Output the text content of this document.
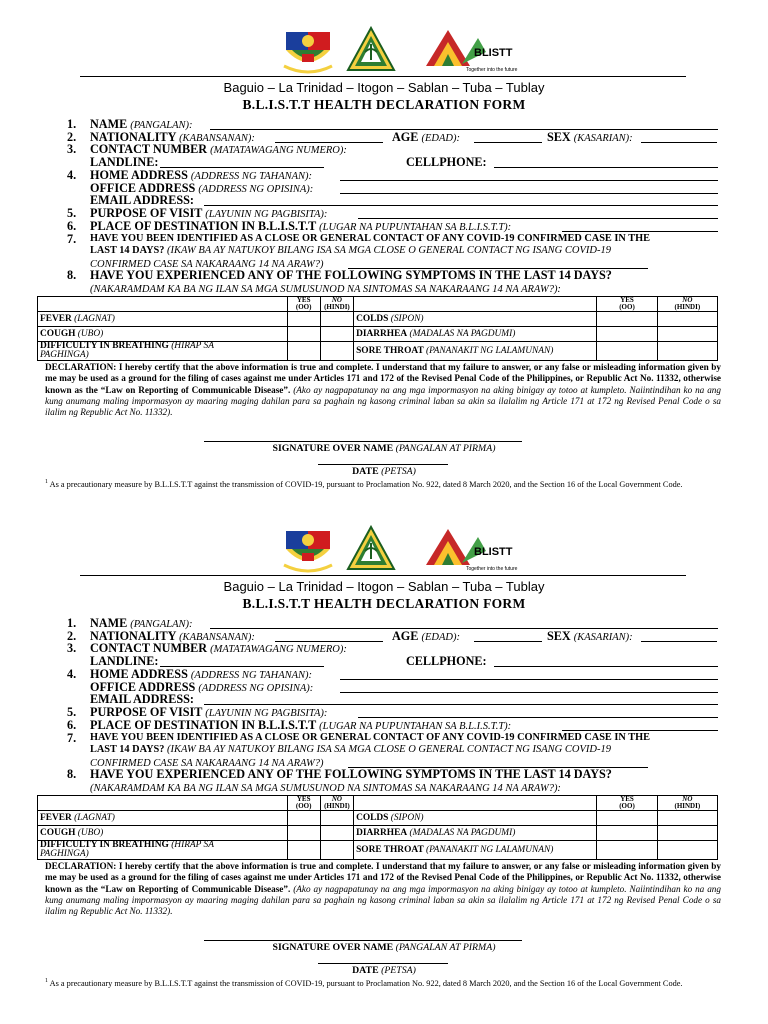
BLISTT
Together into the future
Baguio – La Trinidad – Itogon – Sablan – Tuba – Tublay
B.L.I.S.T.T HEALTH DECLARATION FORM
1. NAME (PANGALAN):
2. NATIONALITY (KABANSANAN):	AGE (EDAD):	SEX (KASARIAN):
3. CONTACT NUMBER (MATATAWAGANG NUMERO):
LANDLINE:	CELLPHONE:
4. HOME ADDRESS (ADDRESS NG TAHANAN):
OFFICE ADDRESS (ADDRESS NG OPISINA):
EMAIL ADDRESS:
5. PURPOSE OF VISIT (LAYUNIN NG PAGBISITA):
6. PLACE OF DESTINATION IN B.L.I.S.T.T (LUGAR NA PUPUNTAHAN SA B.L.I.S.T.T):
7. HAVE YOU BEEN IDENTIFIED AS A CLOSE OR GENERAL CONTACT OF ANY COVID-19 CONFIRMED CASE IN THE
LAST 14 DAYS? (IKAW BA AY NATUKOY BILANG ISA SA MGA CLOSE O GENERAL CONTACT NG ISANG COVID-19
CONFIRMED CASE SA NAKARAANG 14 NA ARAW?)
8. HAVE YOU EXPERIENCED ANY OF THE FOLLOWING SYMPTOMS IN THE LAST 14 DAYS?
(NAKARAMDAM KA BA NG ILAN SA MGA SUMUSUNOD NA SINTOMAS SA NAKARAANG 14 NA ARAW?):
	YES
(OO)	NO
(HINDI)		YES
(OO)	NO
(HINDI)
FEVER (LAGNAT)			COLDS (SIPON)		
COUGH (UBO)			DIARRHEA (MADALAS NA PAGDUMI)		
DIFFICULTY IN BREATHING (HIRAP SA
PAGHINGA)			SORE THROAT (PANANAKIT NG LALAMUNAN)		
DECLARATION: I hereby certify that the above information is true and complete. I understand that my failure to answer, or any false or misleading information given by me may be used as a ground for the filing of cases against me under Articles 171 and 172 of the Revised Penal Code of the Philippines, or Republic Act No. 11332, otherwise known as the “Law on Reporting of Communicable Disease”. (Ako ay nagpapatunay na ang mga impormasyon na aking binigay ay totoo at kumpleto. Naiintindihan ko na ang kung anumang maling impormasyon ay maaring maging dahilan para sa paghain ng kasong criminal laban sa akin sa ilalalim ng Article 171 at 172 ng Revised Penal Code o sa ilalim ng Republic Act No. 11332).
SIGNATURE OVER NAME (PANGALAN AT PIRMA)
DATE (PETSA)
$^1$ As a precautionary measure by B.L.I.S.T.T against the transmission of COVID-19, pursuant to Proclamation No. 922, dated 8 March 2020, and the Section 16 of the Local Government Code.
BLISTT
Together into the future
Baguio – La Trinidad – Itogon – Sablan – Tuba – Tublay
B.L.I.S.T.T HEALTH DECLARATION FORM
1. NAME (PANGALAN):
2. NATIONALITY (KABANSANAN):	AGE (EDAD):	SEX (KASARIAN):
3. CONTACT NUMBER (MATATAWAGANG NUMERO):
LANDLINE:	CELLPHONE:
4. HOME ADDRESS (ADDRESS NG TAHANAN):
OFFICE ADDRESS (ADDRESS NG OPISINA):
EMAIL ADDRESS:
5. PURPOSE OF VISIT (LAYUNIN NG PAGBISITA):
6. PLACE OF DESTINATION IN B.L.I.S.T.T (LUGAR NA PUPUNTAHAN SA B.L.I.S.T.T):
7. HAVE YOU BEEN IDENTIFIED AS A CLOSE OR GENERAL CONTACT OF ANY COVID-19 CONFIRMED CASE IN THE
LAST 14 DAYS? (IKAW BA AY NATUKOY BILANG ISA SA MGA CLOSE O GENERAL CONTACT NG ISANG COVID-19
CONFIRMED CASE SA NAKARAANG 14 NA ARAW?)
8. HAVE YOU EXPERIENCED ANY OF THE FOLLOWING SYMPTOMS IN THE LAST 14 DAYS?
(NAKARAMDAM KA BA NG ILAN SA MGA SUMUSUNOD NA SINTOMAS SA NAKARAANG 14 NA ARAW?):
	YES
(OO)	NO
(HINDI)		YES
(OO)	NO
(HINDI)
FEVER (LAGNAT)			COLDS (SIPON)		
COUGH (UBO)			DIARRHEA (MADALAS NA PAGDUMI)		
DIFFICULTY IN BREATHING (HIRAP SA
PAGHINGA)			SORE THROAT (PANANAKIT NG LALAMUNAN)		
DECLARATION: I hereby certify that the above information is true and complete. I understand that my failure to answer, or any false or misleading information given by me may be used as a ground for the filing of cases against me under Articles 171 and 172 of the Revised Penal Code of the Philippines, or Republic Act No. 11332, otherwise known as the “Law on Reporting of Communicable Disease”. (Ako ay nagpapatunay na ang mga impormasyon na aking binigay ay totoo at kumpleto. Naiintindihan ko na ang kung anumang maling impormasyon ay maaring maging dahilan para sa paghain ng kasong criminal laban sa akin sa ilalalim ng Article 171 at 172 ng Revised Penal Code o sa ilalim ng Republic Act No. 11332).
SIGNATURE OVER NAME (PANGALAN AT PIRMA)
DATE (PETSA)
$^1$ As a precautionary measure by B.L.I.S.T.T against the transmission of COVID-19, pursuant to Proclamation No. 922, dated 8 March 2020, and the Section 16 of the Local Government Code.
